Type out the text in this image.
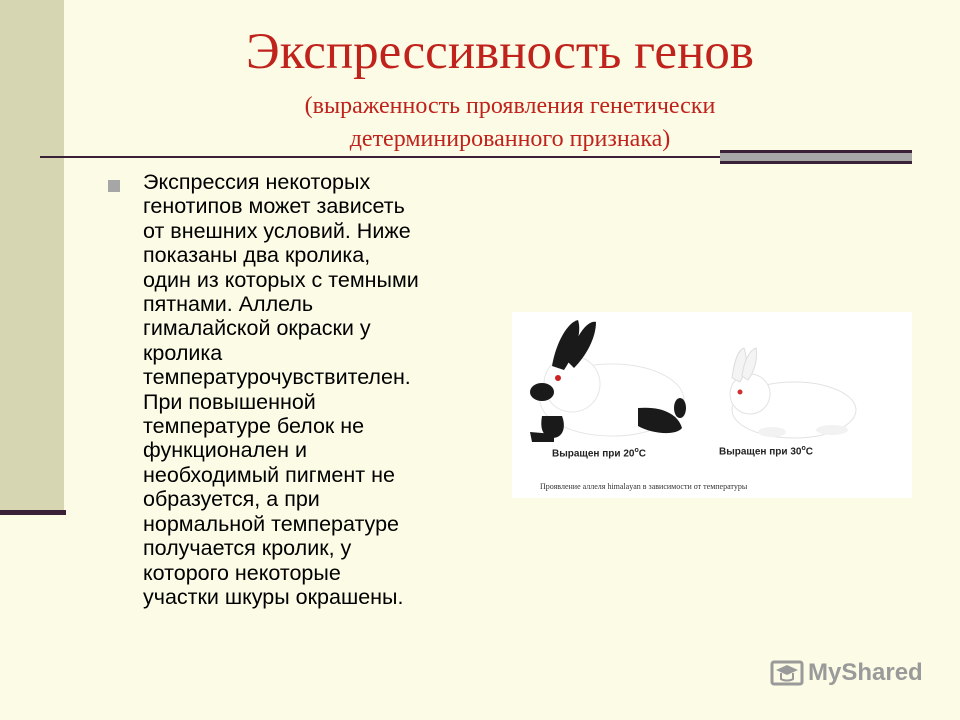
Экспрессивность генов
(выраженность проявления генетически
детерминированного признака)
Экспрессия некоторых
генотипов может зависеть
от внешних условий. Ниже
показаны два кролика,
один из которых с темными
пятнами. Аллель
гималайской окраски у
кролика
температурочувствителен.
При повышенной
температуре белок не
функционален и
необходимый пигмент не
образуется, а при
нормальной температуре
получается кролик, у
которого некоторые
участки шкуры окрашены.
Выращен при 20$^o$C	Выращен при 30$^o$C
Проявление аллеля himalayan в зависимости от температуры
MyShared
